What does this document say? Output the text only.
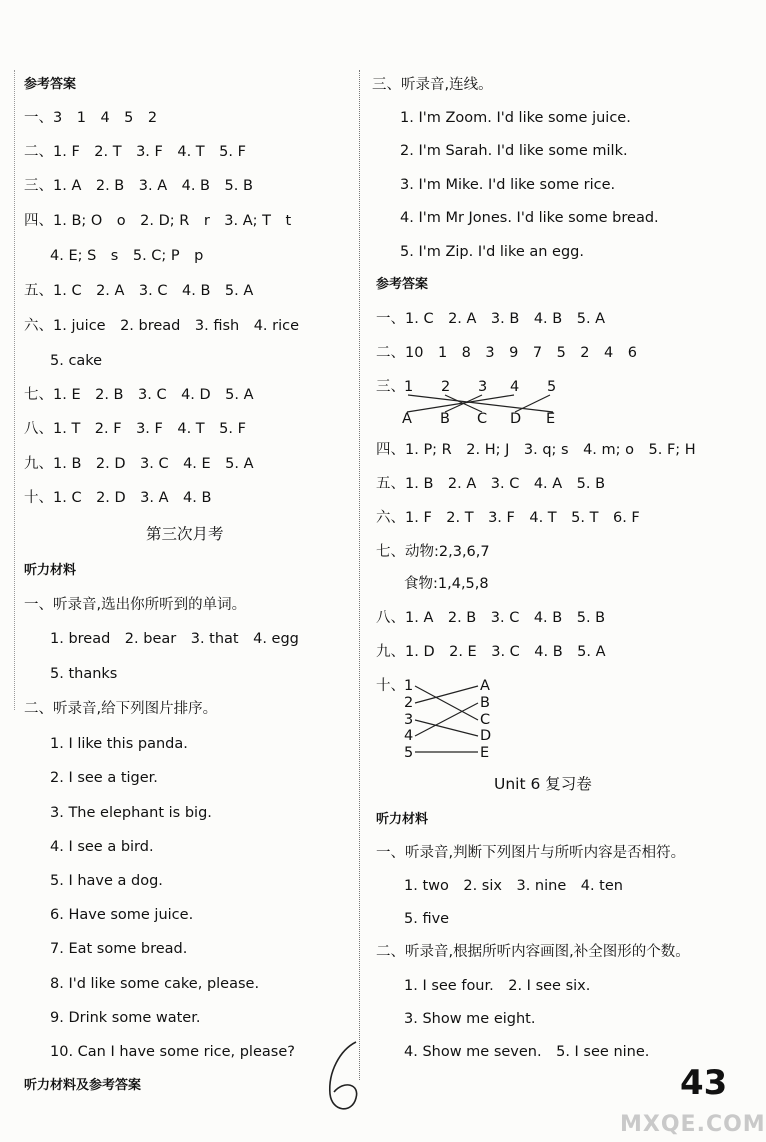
参考答案
一、3　1　4　5　2
二、1. F　2. T　3. F　4. T　5. F
三、1. A　2. B　3. A　4. B　5. B
四、1. B; O　o　2. D; R　r　3. A; T　t
4. E; S　s　5. C; P　p
五、1. C　2. A　3. C　4. B　5. A
六、1. juice　2. bread　3. fish　4. rice
5. cake
七、1. E　2. B　3. C　4. D　5. A
八、1. T　2. F　3. F　4. T　5. F
九、1. B　2. D　3. C　4. E　5. A
十、1. C　2. D　3. A　4. B
第三次月考
听力材料
一、听录音,选出你所听到的单词。
1. bread　2. bear　3. that　4. egg
5. thanks
二、听录音,给下列图片排序。
1. I like this panda.
2. I see a tiger.
3. The elephant is big.
4. I see a bird.
5. I have a dog.
6. Have some juice.
7. Eat some bread.
8. I'd like some cake, please.
9. Drink some water.
10. Can I have some rice, please?
三、听录音,连线。
1. I'm Zoom. I'd like some juice.
2. I'm Sarah. I'd like some milk.
3. I'm Mike. I'd like some rice.
4. I'm Mr Jones. I'd like some bread.
5. I'm Zip. I'd like an egg.
参考答案
一、1. C　2. A　3. B　4. B　5. A
二、10　1　8　3　9　7　5　2　4　6
三、 1 2 3 4 5
A B C D E
四、1. P; R　2. H; J　3. q; s　4. m; o　5. F; H
五、1. B　2. A　3. C　4. A　5. B
六、1. F　2. T　3. F　4. T　5. T　6. F
七、动物:2,3,6,7
食物:1,4,5,8
八、1. A　2. B　3. C　4. B　5. B
九、1. D　2. E　3. C　4. B　5. A
十、 1
2
3
4
5
A
B
C
D
E
Unit 6 复习卷
听力材料
一、听录音,判断下列图片与所听内容是否相符。
1. two　2. six　3. nine　4. ten
5. five
二、听录音,根据所听内容画图,补全图形的个数。
1. I see four.　2. I see six.
3. Show me eight.
4. Show me seven.　5. I see nine.
听力材料及参考答案	43
MXQE.COM
